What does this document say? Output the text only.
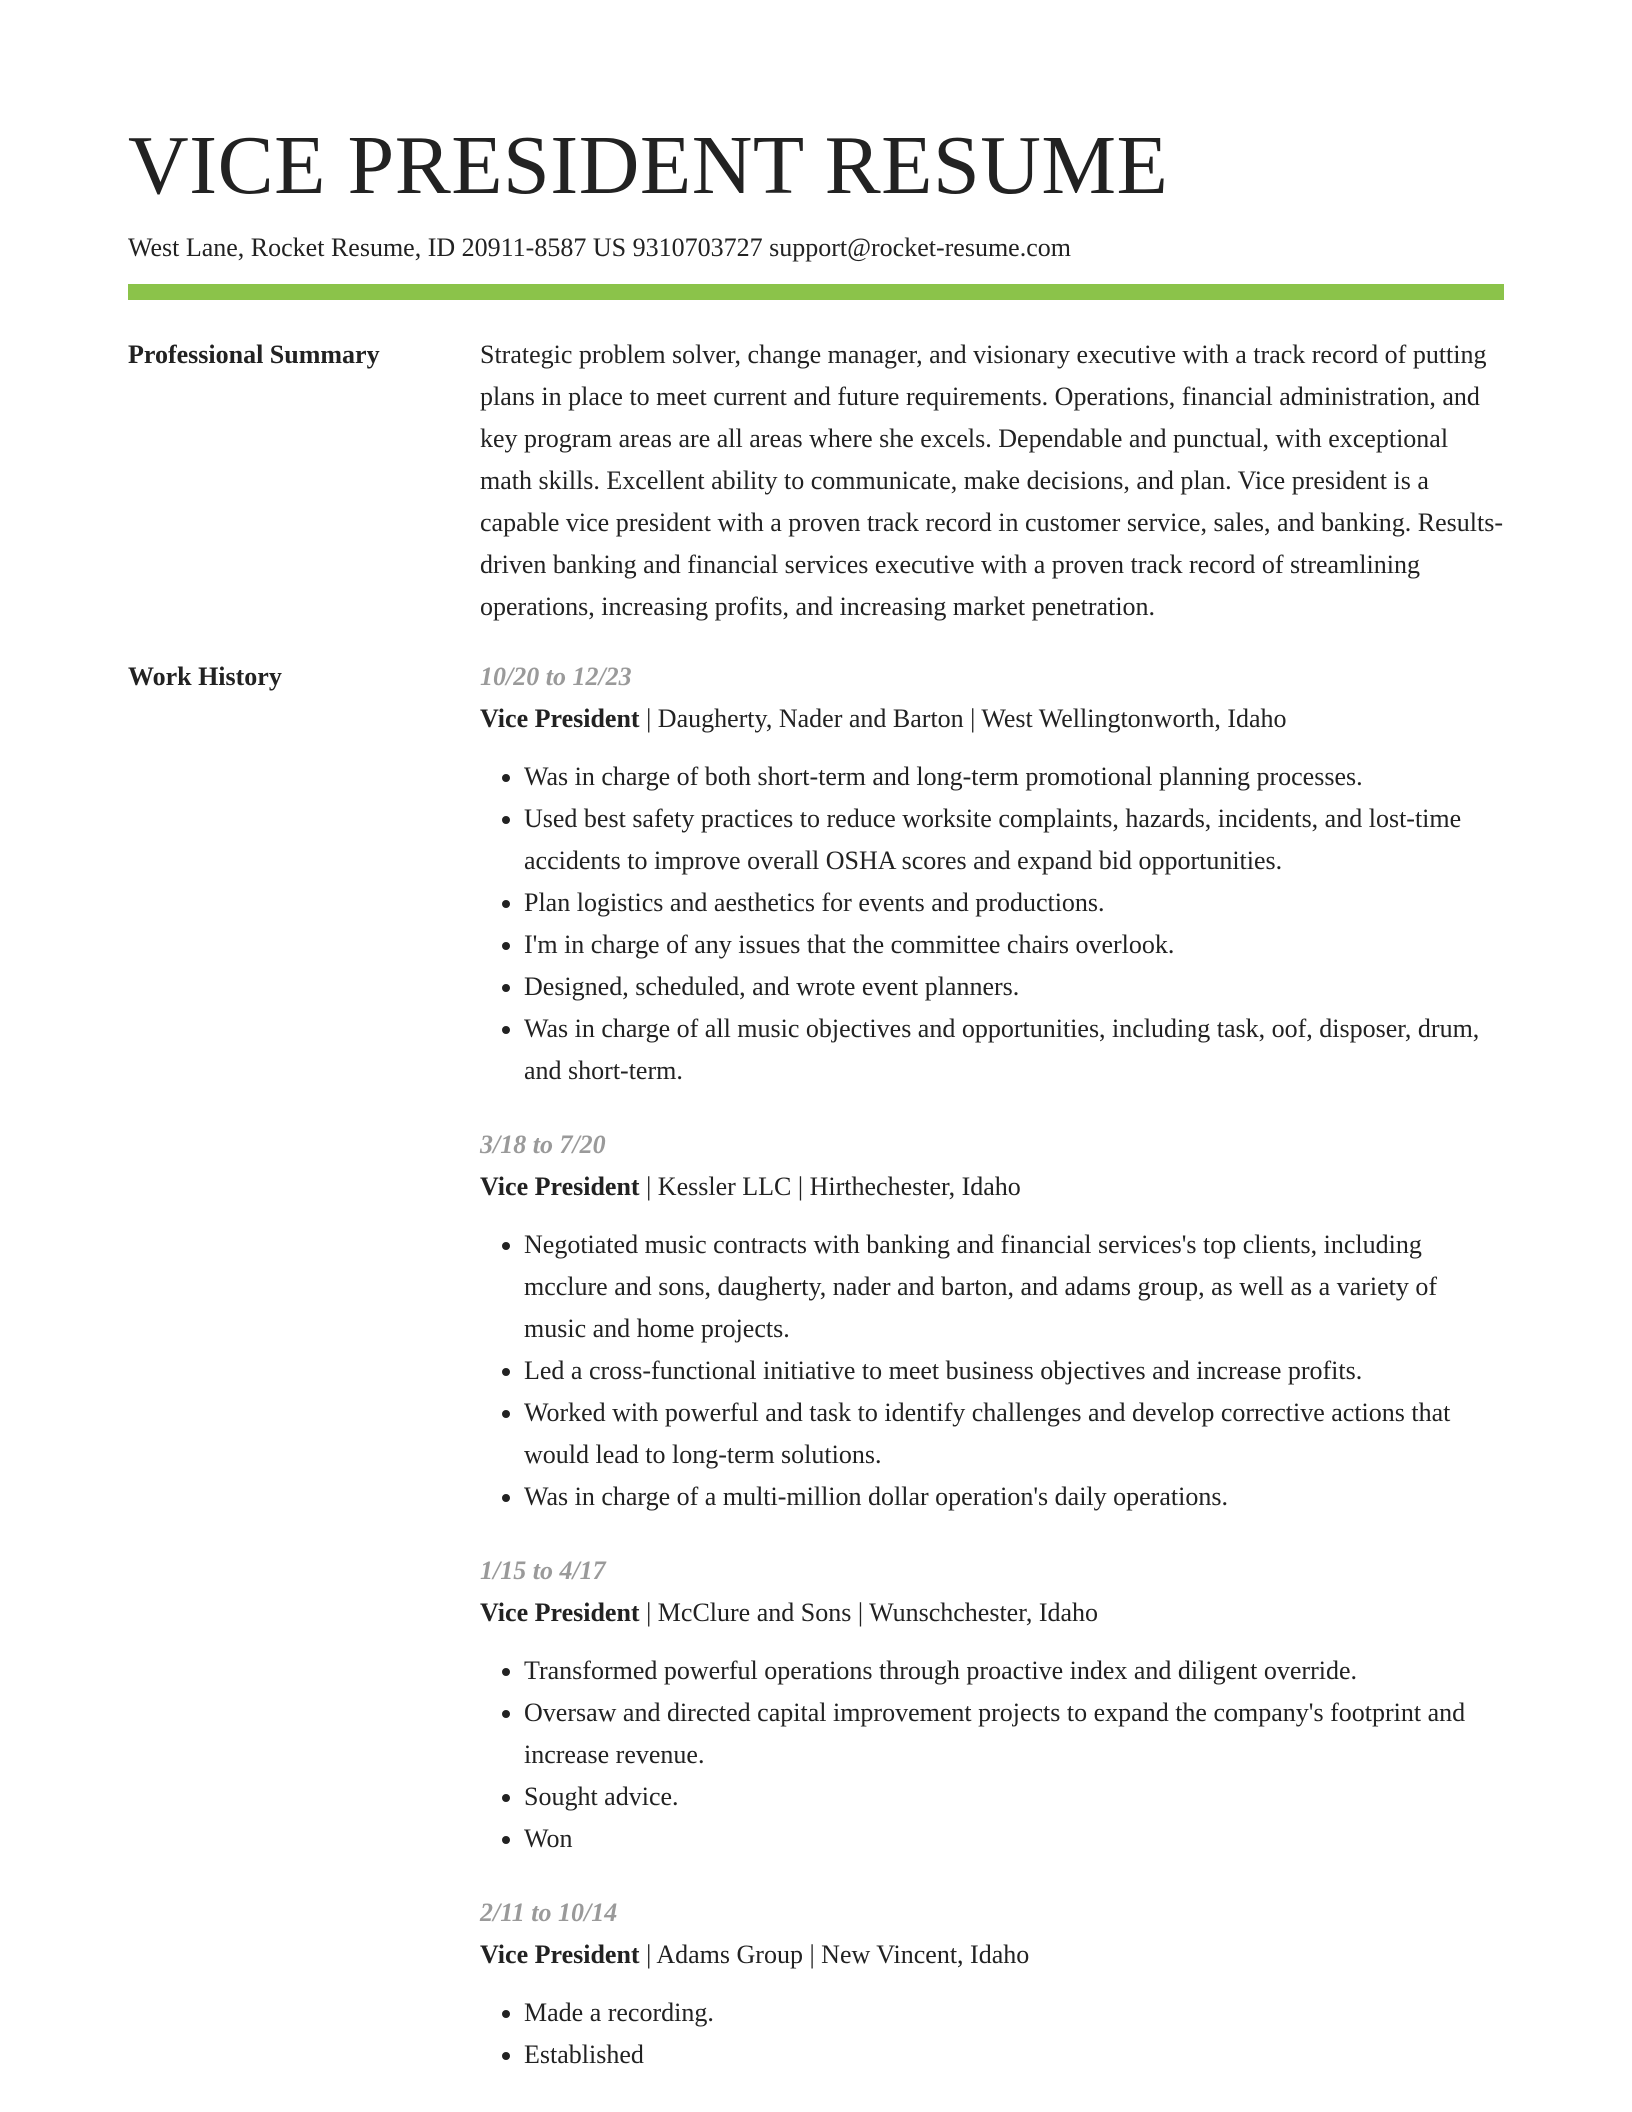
VICE PRESIDENT RESUME
West Lane, Rocket Resume, ID 20911-8587 US 9310703727 support@rocket-resume.com
Professional Summary	Strategic problem solver, change manager, and visionary executive with a track record of putting plans in place to meet current and future requirements. Operations, financial administration, and key program areas are all areas where she excels. Dependable and punctual, with exceptional math skills. Excellent ability to communicate, make decisions, and plan. Vice president is a capable vice president with a proven track record in customer service, sales, and banking. Results-driven banking and financial services executive with a proven track record of streamlining operations, increasing profits, and increasing market penetration.

Work History	10/20 to 12/23
Vice President | Daugherty, Nader and Barton | West Wellingtonworth, Idaho
• Was in charge of both short-term and long-term promotional planning processes.
• Used best safety practices to reduce worksite complaints, hazards, incidents, and lost-time accidents to improve overall OSHA scores and expand bid opportunities.
• Plan logistics and aesthetics for events and productions.
• I'm in charge of any issues that the committee chairs overlook.
• Designed, scheduled, and wrote event planners.
• Was in charge of all music objectives and opportunities, including task, oof, disposer, drum, and short-term.
3/18 to 7/20
Vice President | Kessler LLC | Hirthechester, Idaho
• Negotiated music contracts with banking and financial services's top clients, including mcclure and sons, daugherty, nader and barton, and adams group, as well as a variety of music and home projects.
• Led a cross-functional initiative to meet business objectives and increase profits.
• Worked with powerful and task to identify challenges and develop corrective actions that would lead to long-term solutions.
• Was in charge of a multi-million dollar operation's daily operations.
1/15 to 4/17
Vice President | McClure and Sons | Wunschchester, Idaho
• Transformed powerful operations through proactive index and diligent override.
• Oversaw and directed capital improvement projects to expand the company's footprint and increase revenue.
• Sought advice.
• Won
2/11 to 10/14
Vice President | Adams Group | New Vincent, Idaho
• Made a recording.
• Established
